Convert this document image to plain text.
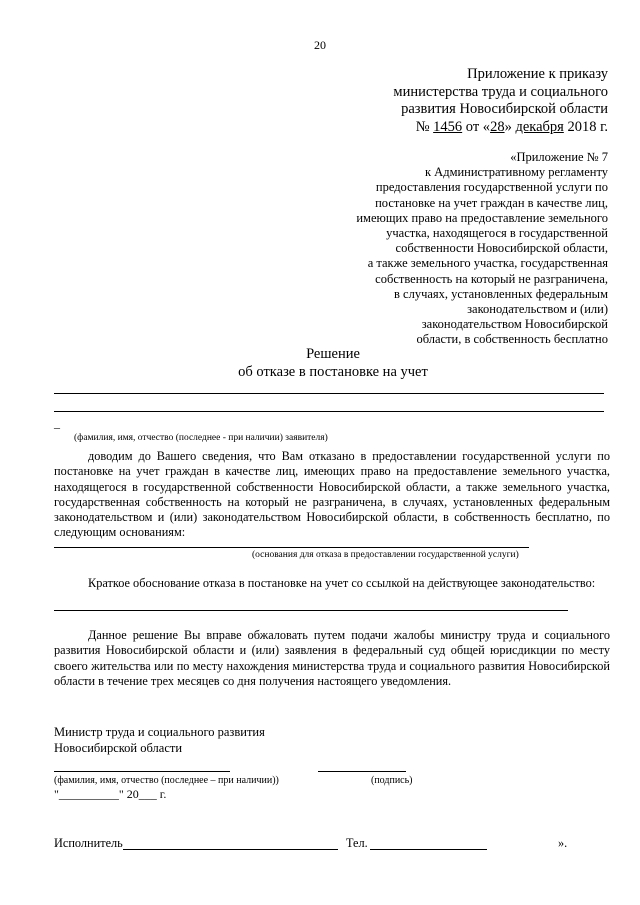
20
Приложение к приказу
министерства труда и социального
развития Новосибирской области
№ 1456 от «28» декабря 2018 г.
«Приложение № 7
к Административному регламенту
предоставления государственной услуги по
постановке на учет граждан в качестве лиц,
имеющих право на предоставление земельного
участка, находящегося в государственной
собственности Новосибирской области,
а также земельного участка, государственная
собственность на который не разграничена,
в случаях, установленных федеральным
законодательством и (или)
законодательством Новосибирской
области, в собственность бесплатно
Решение
об отказе в постановке на учет
_
(фамилия, имя, отчество (последнее - при наличии) заявителя)
доводим до Вашего сведения, что Вам отказано в предоставлении государственной услуги по постановке на учет граждан в качестве лиц, имеющих право на предоставление земельного участка, находящегося в государственной собственности Новосибирской области, а также земельного участка, государственная собственность на который не разграничена, в случаях, установленных федеральным законодательством и (или) законодательством Новосибирской области, в собственность бесплатно, по следующим основаниям:
(основания для отказа в предоставлении государственной услуги)
Краткое обоснование отказа в постановке на учет со ссылкой на действующее законодательство:
Данное решение Вы вправе обжаловать путем подачи жалобы министру труда и социального развития Новосибирской области и (или) заявления в федеральный суд общей юрисдикции по месту своего жительства или по месту нахождения министерства труда и социального развития Новосибирской области в течение трех месяцев со дня получения настоящего уведомления.
Министр труда и социального развития
Новосибирской области
(фамилия, имя, отчество (последнее – при наличии))	(подпись)
"__________" 20___ г.
Исполнитель	Тел.	».
